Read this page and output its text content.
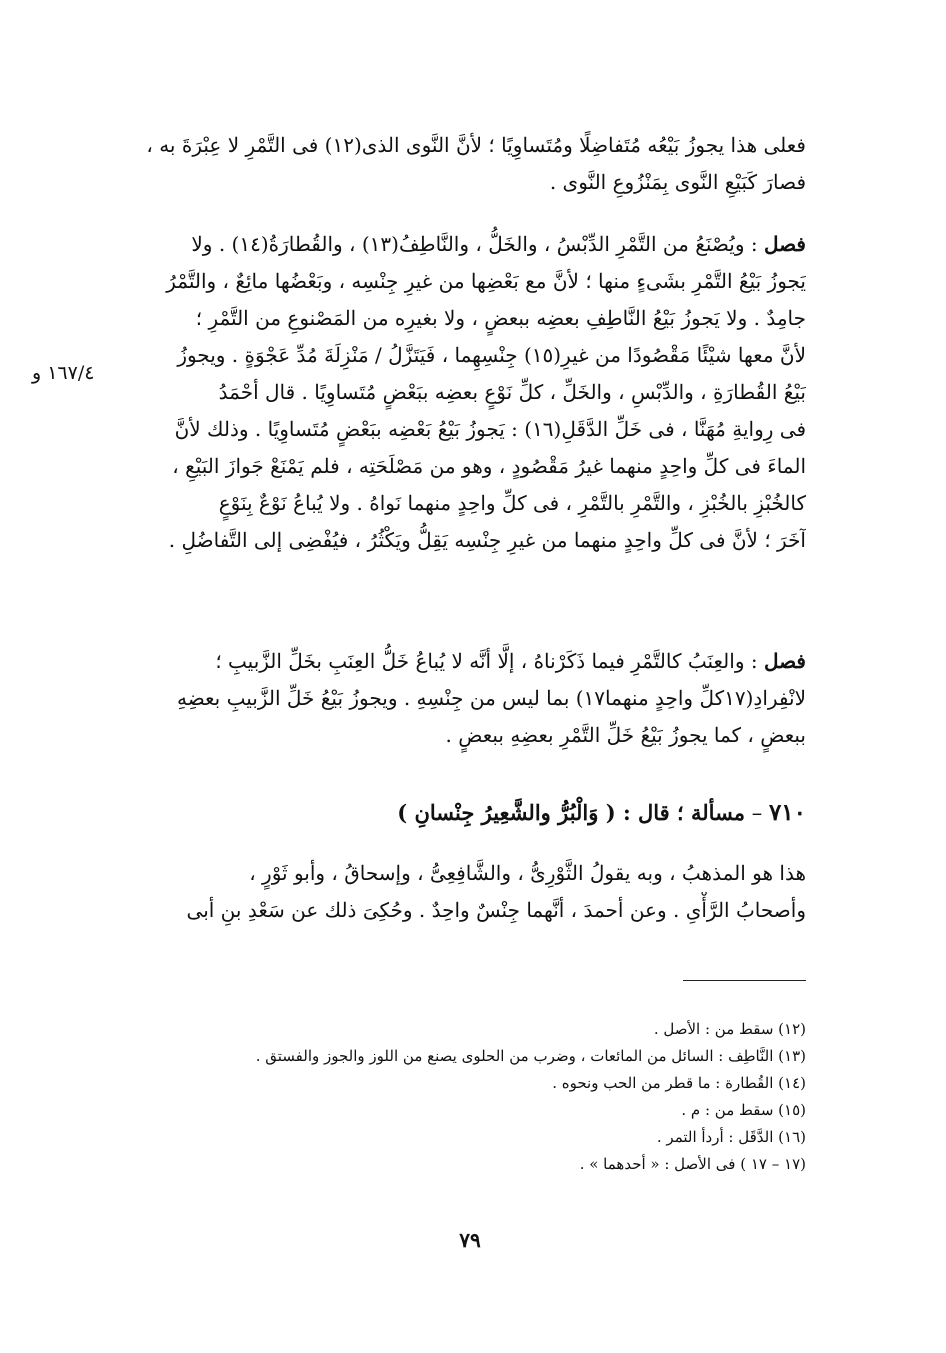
فعلى هذا يجوزُ بَيْعُه مُتَفاضِلًا ومُتَساوِيًا ؛ لأنَّ النَّوى الذى(١٢) فى التَّمْرِ لا عِبْرَةَ به ،
فصارَ كَبَيْعِ النَّوى بِمَنْزُوعِ النَّوى .
فصل : ويُصْنَعُ من التَّمْرِ الدِّبْسُ ، والخَلُّ ، والنَّاطِفُ(١٣) ، والقُطارَةُ(١٤) . ولا
يَجوزُ بَيْعُ التَّمْرِ بشَىءٍ منها ؛ لأنَّ مع بَعْضِها من غيرِ جِنْسِه ، وبَعْضُها مائِعٌ ، والتَّمْرُ
جامِدٌ . ولا يَجوزُ بَيْعُ النَّاطِفِ بعضِه ببعضٍ ، ولا بغيرِه من المَصْنوعِ من التَّمْرِ ؛
لأنَّ معها شيْئًا مَقْصُودًا من غيرِ(١٥) جِنْسِهِما ، فَيَتَزَّلُ / مَنْزِلَةَ مُدِّ عَجْوَةٍ . ويجوزُ
بَيْعُ القُطارَةِ ، والدِّبْسِ ، والخَلِّ ، كلِّ نَوْعٍ بعضِه ببَعْضٍ مُتَساوِيًا . قال أحْمَدُ
فى رِوايةِ مُهَنَّا ، فى خَلِّ الدَّقَلِ(١٦) : يَجوزُ بَيْعُ بَعْضِه ببَعْضٍ مُتَساوِيًا . وذلك لأنَّ
الماءَ فى كلِّ واحِدٍ منهما غيرُ مَقْصُودٍ ، وهو من مَصْلَحَتِه ، فلم يَمْنَعْ جَوازَ البَيْعِ ،
كالخُبْزِ بالخُبْزِ ، والتَّمْرِ بالتَّمْرِ ، فى كلِّ واحِدٍ منهما نَواهُ . ولا يُباعُ نَوْعٌ بِنَوْعٍ
آخَرَ ؛ لأنَّ فى كلِّ واحِدٍ منهما من غيرِ جِنْسِه يَقِلُّ ويَكْثُرُ ، فيُفْضِى إلى التَّفاضُلِ .
١٦٧/٤ و
فصل : والعِنَبُ كالتَّمْرِ فيما ذَكَرْناهُ ، إلَّا أنَّه لا يُباعُ خَلُّ العِنَبِ بخَلِّ الزَّبيبِ ؛
لانْفِرادِ(١٧كلِّ واحِدٍ منهما١٧) بما ليس من جِنْسِهِ . ويجوزُ بَيْعُ خَلِّ الزَّبيبِ بعضِهِ
ببعضٍ ، كما يجوزُ بَيْعُ خَلِّ التَّمْرِ بعضِهِ ببعضٍ .
٧١٠ – مسألة ؛ قال : ( وَالْبُرُّ والشَّعِيرُ جِنْسانِ )
هذا هو المذهبُ ، وبه يقولُ الثَّوْرِىُّ ، والشَّافِعِىُّ ، وإسحاقُ ، وأبو ثَوْرٍ ،
وأصحابُ الرَّأْىِ . وعن أحمدَ ، أنَّهما جِنْسٌ واحِدٌ . وحُكِىَ ذلك عن سَعْدِ بنِ أبى
(١٢) سقط من : الأصل .
(١٣) النَّاطِف : السائل من المائعات ، وضرب من الحلوى يصنع من اللوز والجوز والفستق .
(١٤) القُطارة : ما قطر من الحب ونحوه .
(١٥) سقط من : م .
(١٦) الدَّقَل : أردأ التمر .
(١٧ – ١٧ ) فى الأصل : « أحدهما » .
٧٩
